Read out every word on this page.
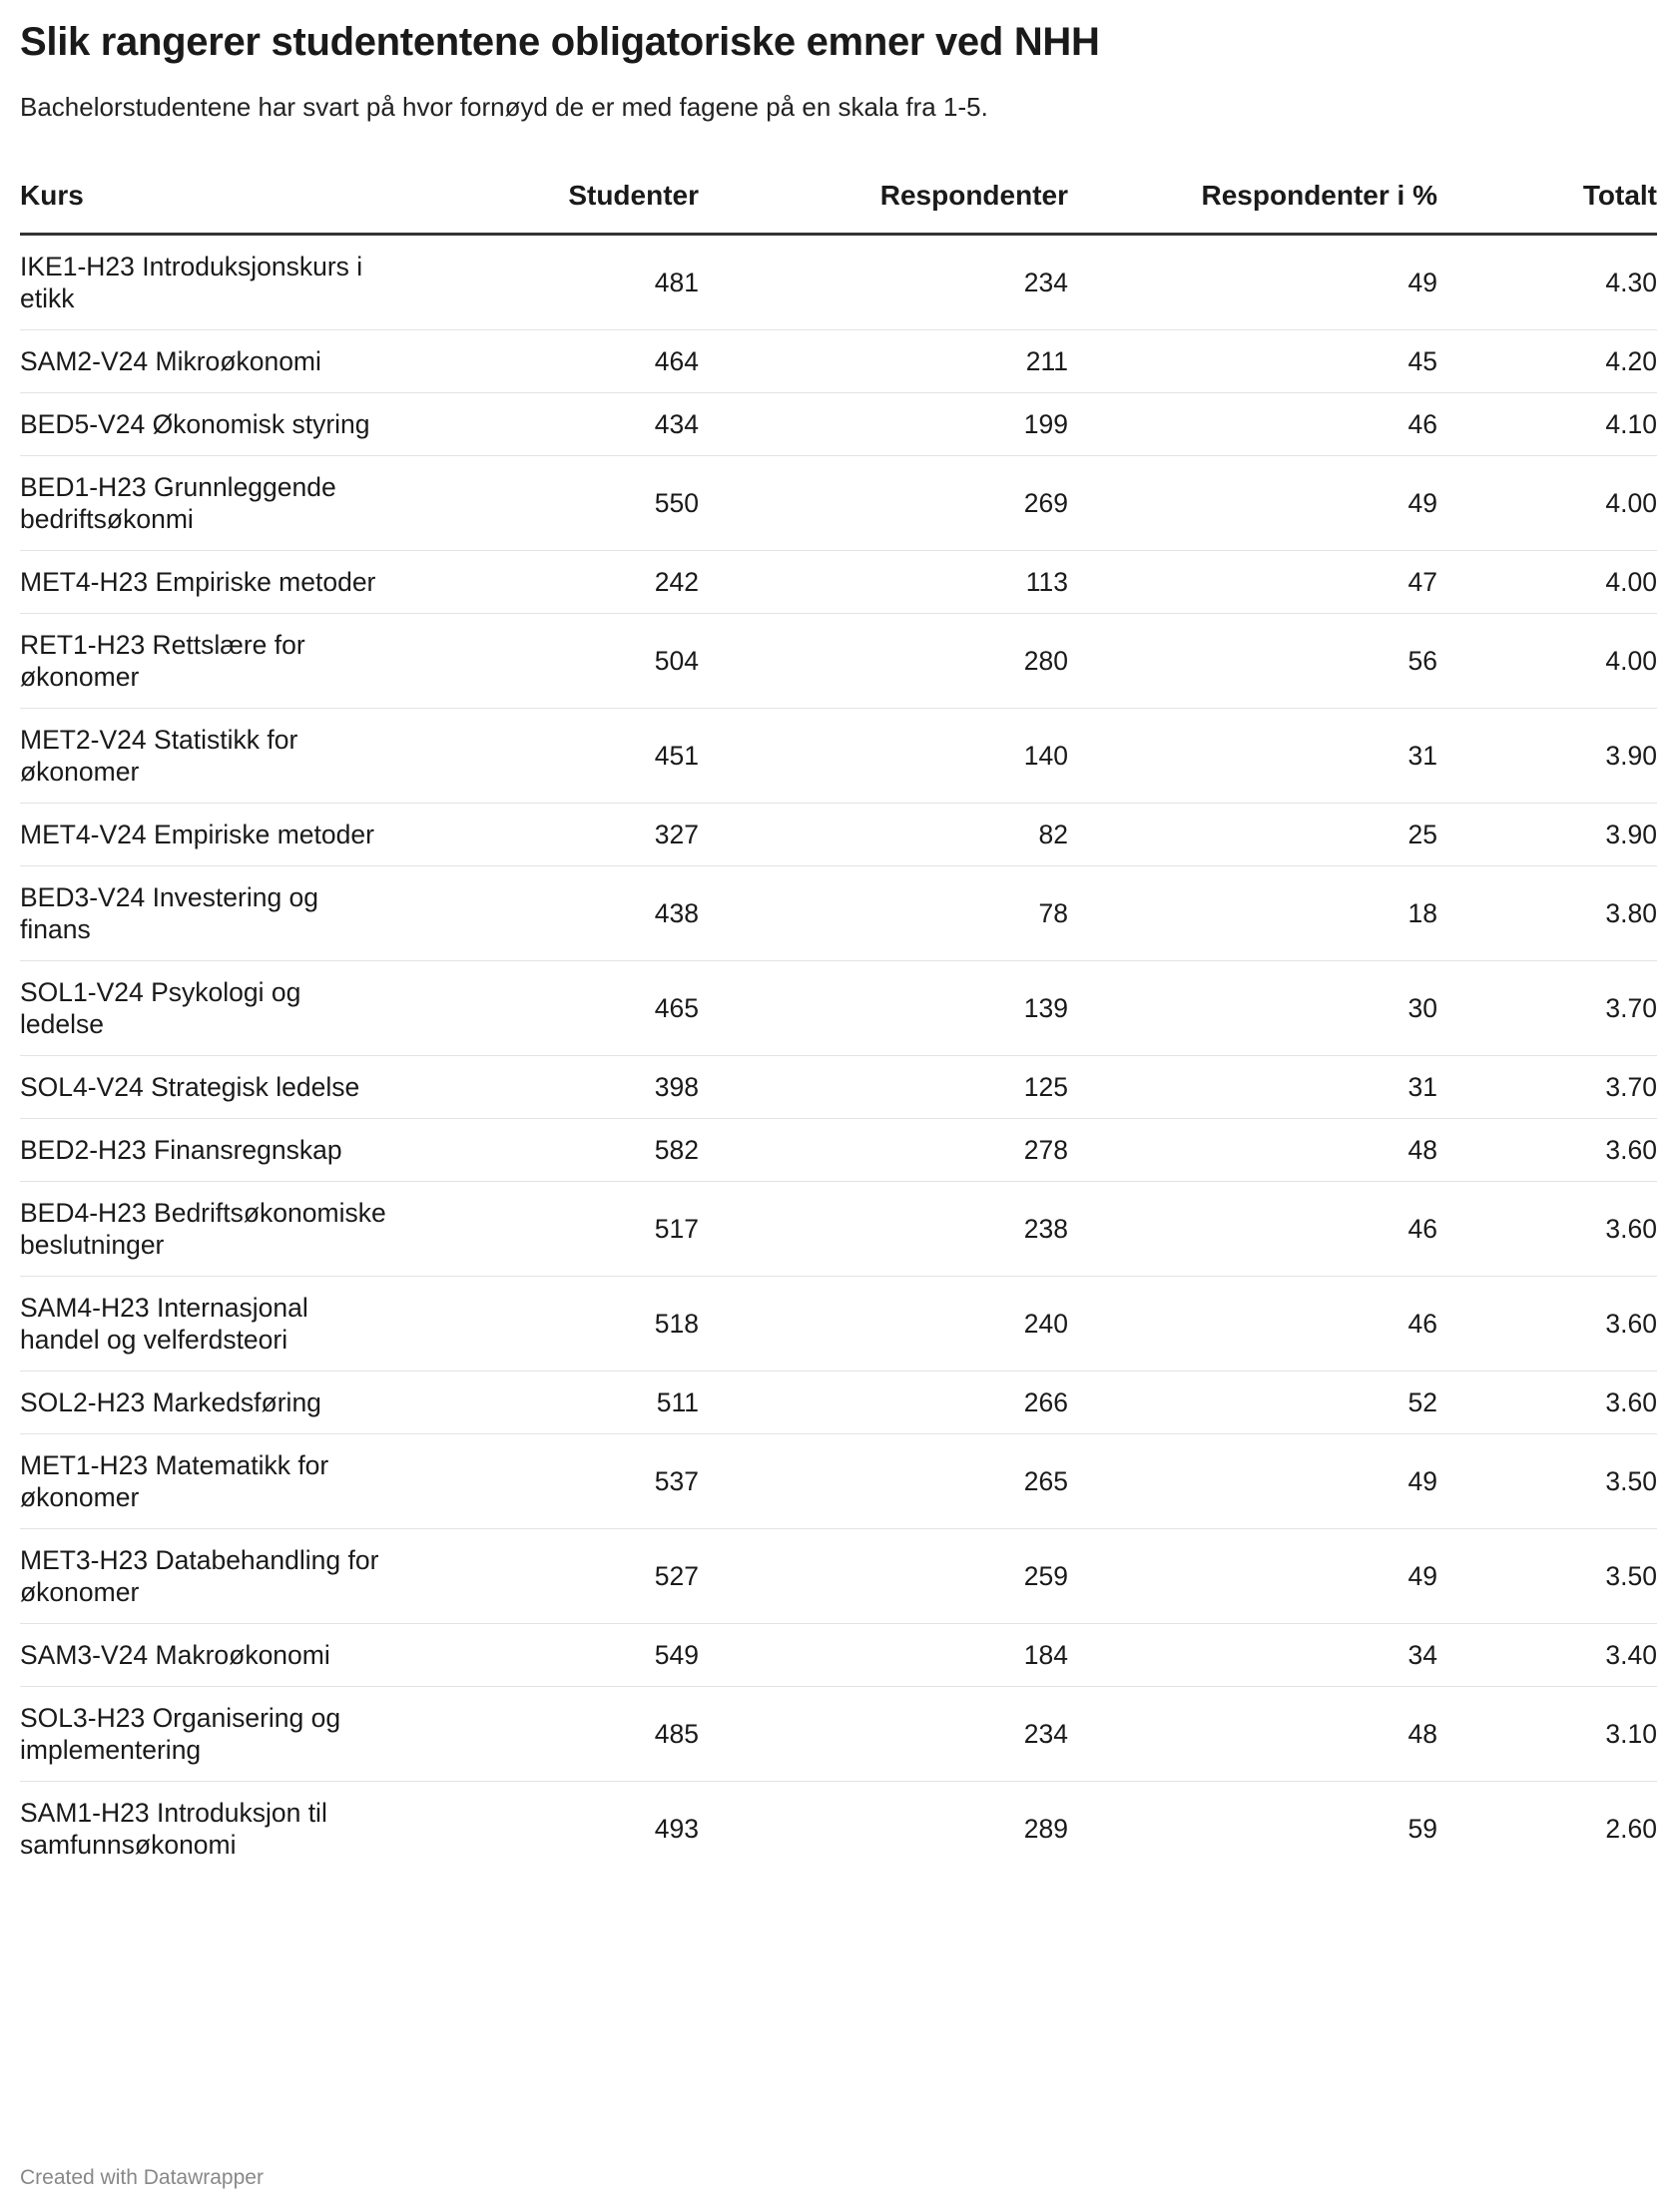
Slik rangerer studententene obligatoriske emner ved NHH
Bachelorstudentene har svart på hvor fornøyd de er med fagene på en skala fra 1-5.
Kurs	Studenter	Respondenter	Respondenter i %	Totalt
IKE1-H23 Introduksjonskurs i etikk	481	234	49	4.30
SAM2-V24 Mikroøkonomi	464	211	45	4.20
BED5-V24 Økonomisk styring	434	199	46	4.10
BED1-H23 Grunnleggende bedriftsøkonmi	550	269	49	4.00
MET4-H23 Empiriske metoder	242	113	47	4.00
RET1-H23 Rettslære for økonomer	504	280	56	4.00
MET2-V24 Statistikk for økonomer	451	140	31	3.90
MET4-V24 Empiriske metoder	327	82	25	3.90
BED3-V24 Investering og finans	438	78	18	3.80
SOL1-V24 Psykologi og ledelse	465	139	30	3.70
SOL4-V24 Strategisk ledelse	398	125	31	3.70
BED2-H23 Finansregnskap	582	278	48	3.60
BED4-H23 Bedriftsøkonomiske beslutninger	517	238	46	3.60
SAM4-H23 Internasjonal handel og velferdsteori	518	240	46	3.60
SOL2-H23 Markedsføring	511	266	52	3.60
MET1-H23 Matematikk for økonomer	537	265	49	3.50
MET3-H23 Databehandling for økonomer	527	259	49	3.50
SAM3-V24 Makroøkonomi	549	184	34	3.40
SOL3-H23 Organisering og implementering	485	234	48	3.10
SAM1-H23 Introduksjon til samfunnsøkonomi	493	289	59	2.60
Created with Datawrapper
